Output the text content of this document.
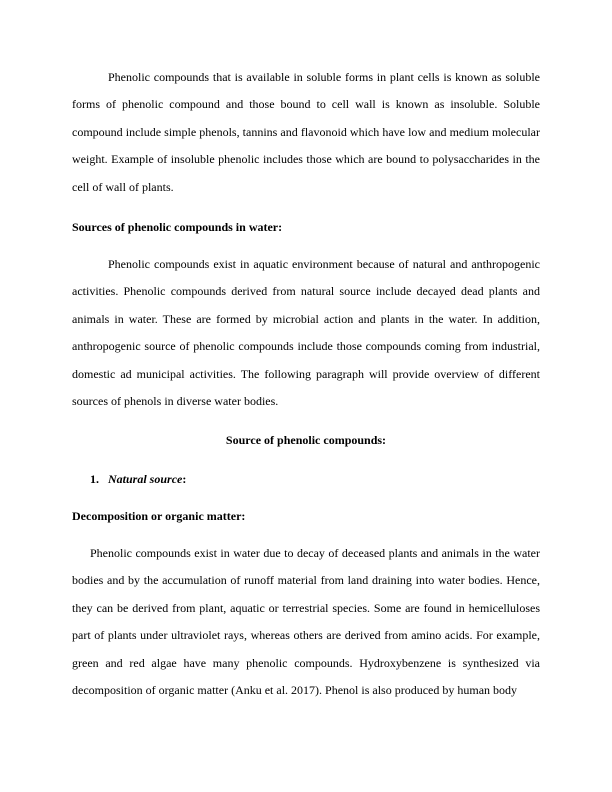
Phenolic compounds that is available in soluble forms in plant cells is known as soluble forms of phenolic compound and those bound to cell wall is known as insoluble. Soluble compound include simple phenols, tannins and flavonoid which have low and medium molecular weight. Example of insoluble phenolic includes those which are bound to polysaccharides in the cell of wall of plants.

Sources of phenolic compounds in water:

Phenolic compounds exist in aquatic environment because of natural and anthropogenic activities. Phenolic compounds derived from natural source include decayed dead plants and animals in water. These are formed by microbial action and plants in the water. In addition, anthropogenic source of phenolic compounds include those compounds coming from industrial, domestic ad municipal activities. The following paragraph will provide overview of different sources of phenols in diverse water bodies.

Source of phenolic compounds:

1. Natural source:

Decomposition or organic matter:

Phenolic compounds exist in water due to decay of deceased plants and animals in the water bodies and by the accumulation of runoff material from land draining into water bodies. Hence, they can be derived from plant, aquatic or terrestrial species. Some are found in hemicelluloses part of plants under ultraviolet rays, whereas others are derived from amino acids. For example, green and red algae have many phenolic compounds. Hydroxybenzene is synthesized via decomposition of organic matter (Anku et al. 2017). Phenol is also produced by human body
